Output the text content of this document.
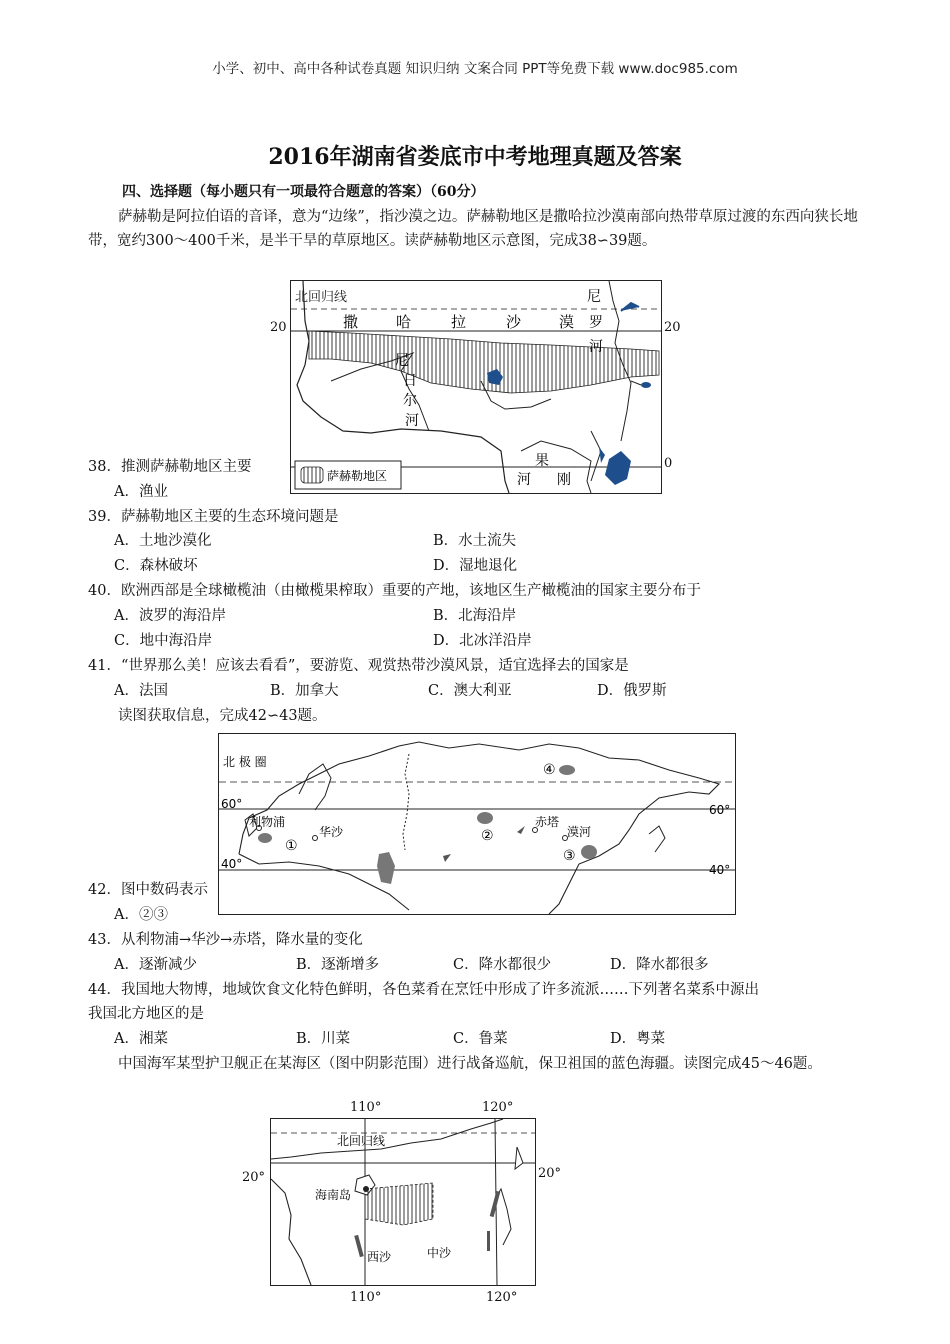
小学、初中、高中各种试卷真题 知识归纳 文案合同 PPT等免费下载 www.doc985.com
2016年湖南省娄底市中考地理真题及答案
四、选择题（每小题只有一项最符合题意的答案）（60分）
萨赫勒是阿拉伯语的音译，意为“边缘”，指沙漠之边。萨赫勒地区是撒哈拉沙漠南部向热带草原过渡的东西向狭长地带，宽约300～400千米，是半干旱的草原地区。读萨赫勒地区示意图，完成38∽39题。
北回归线
撒	哈	拉	沙	漠
尼
罗
河
尼
日
尔
河
果
刚
河
萨赫勒地区
20	20
0
38．推测萨赫勒地区主要
A．渔业
39．萨赫勒地区主要的生态环境问题是
A．土地沙漠化	B．水土流失
C．森林破坏	D．湿地退化
40．欧洲西部是全球橄榄油（由橄榄果榨取）重要的产地，该地区生产橄榄油的国家主要分布于
A．波罗的海沿岸	B．北海沿岸
C．地中海沿岸	D．北冰洋沿岸
41．“世界那么美！应该去看看”，要游览、观赏热带沙漠风景，适宜选择去的国家是
A．法国	B．加拿大	C．澳大利亚	D．俄罗斯
读图获取信息，完成42∽43题。
北 极 圈
利物浦
华沙
赤塔
漠河
①
②
③
④
60°	60°
40°	40°
42．图中数码表示
A．②③
43．从利物浦→华沙→赤塔，降水量的变化
A．逐渐减少	B．逐渐增多	C．降水都很少	D．降水都很多
44．我国地大物博，地域饮食文化特色鲜明，各色菜肴在烹饪中形成了许多流派……下列著名菜系中源出
我国北方地区的是
A．湘菜	B．川菜	C．鲁菜	D．粤菜
中国海军某型护卫舰正在某海区（图中阴影范围）进行战备巡航，保卫祖国的蓝色海疆。读图完成45～46题。
110°	120°
北回归线
海南岛
西沙	中沙
20°	20°
110°	120°
